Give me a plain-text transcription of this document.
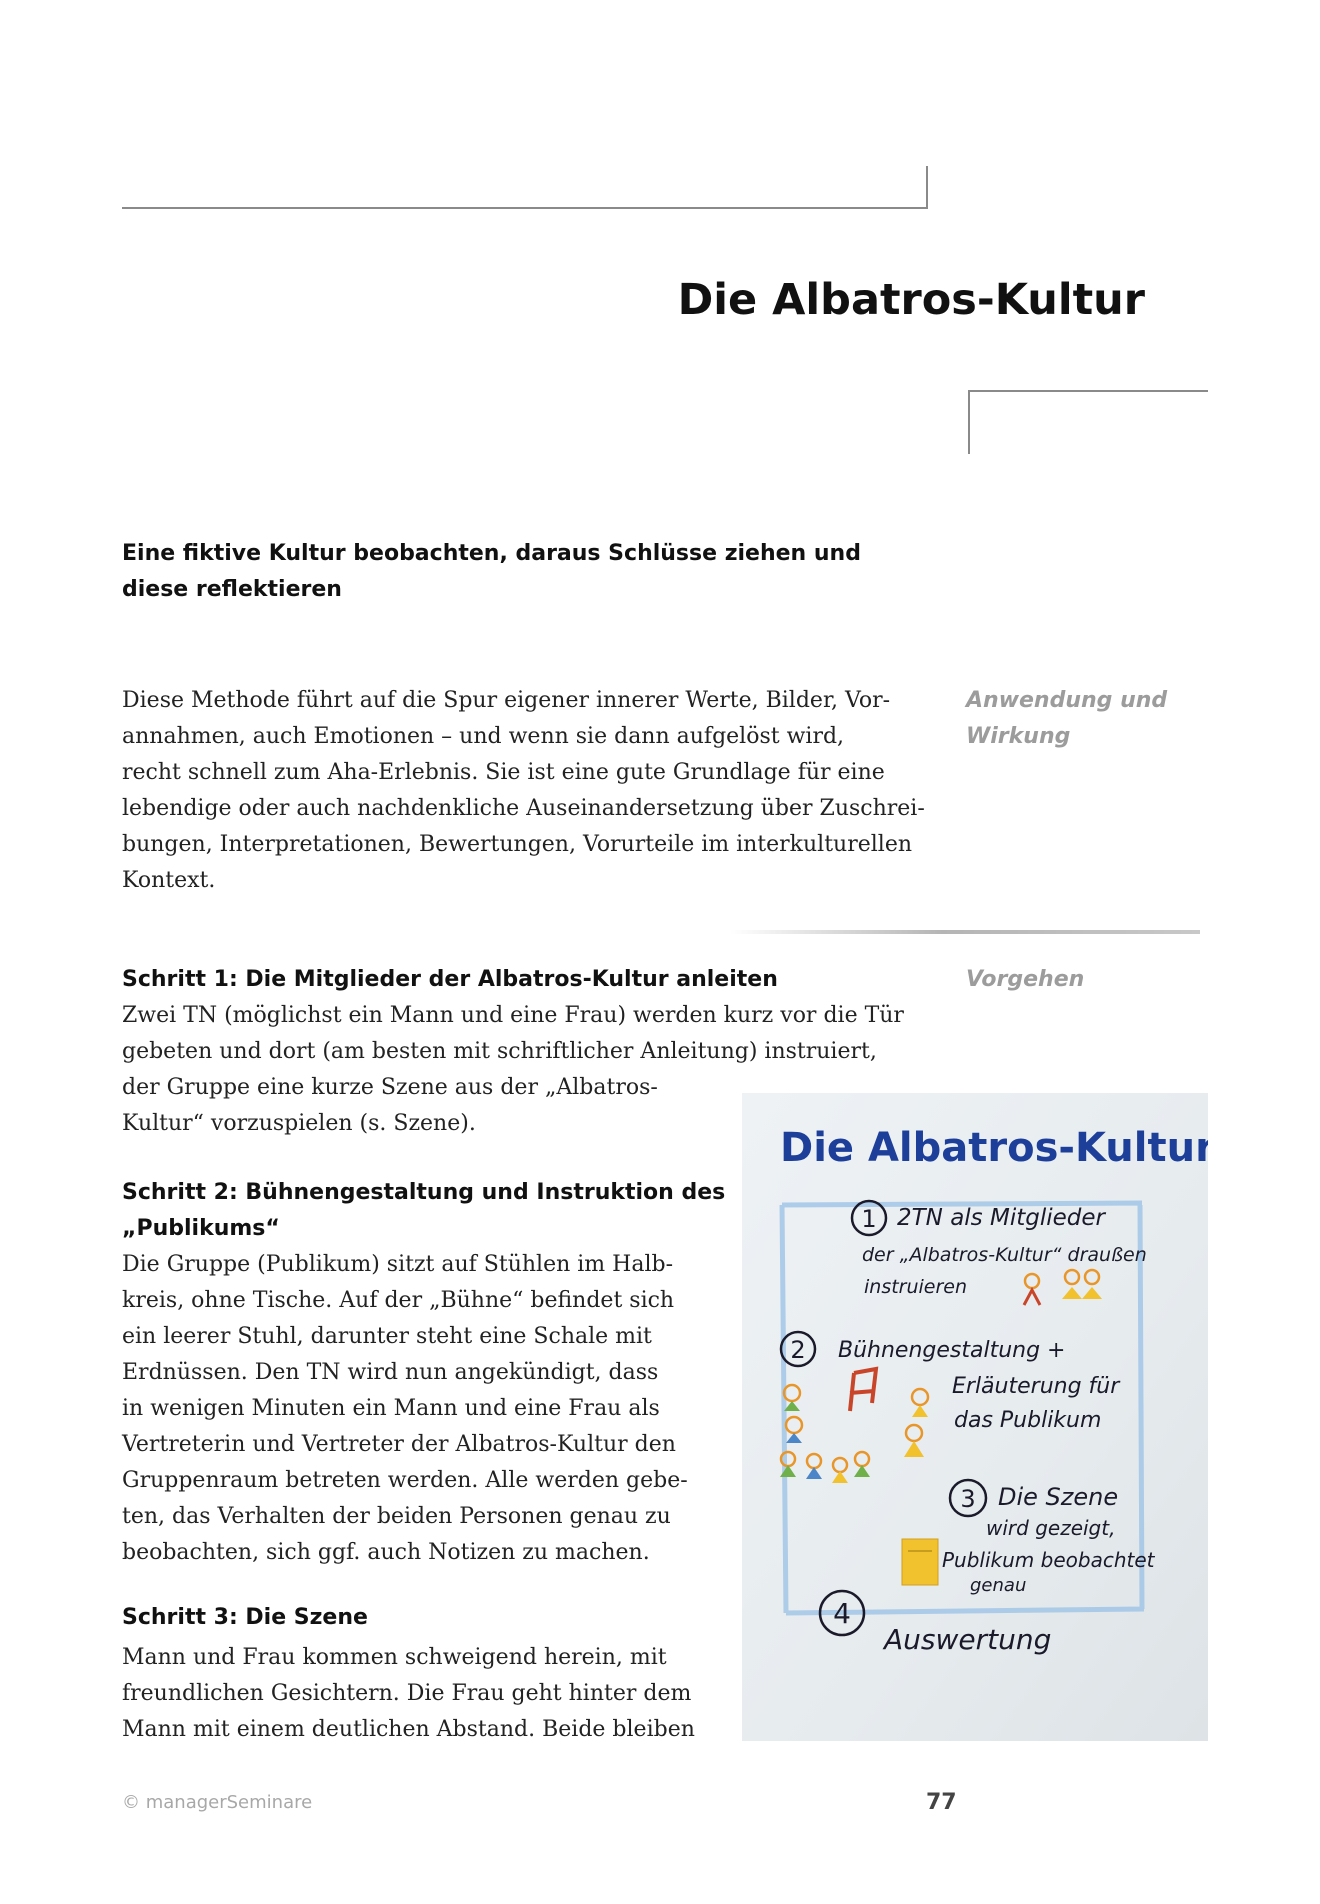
Die Albatros-Kultur
Eine fiktive Kultur beobachten, daraus Schlüsse ziehen und diese reflektieren
Anwendung und
Wirkung

Diese Methode führt auf die Spur eigener innerer Werte, Bilder, Vor-

annahmen, auch Emotionen – und wenn sie dann aufgelöst wird,

recht schnell zum Aha-Erlebnis. Sie ist eine gute Grundlage für eine

lebendige oder auch nachdenkliche Auseinandersetzung über Zuschrei-

bungen, Interpretationen, Bewertungen, Vorurteile im interkulturellen

Kontext.

Vorgehen
Schritt 1: Die Mitglieder der Albatros-Kultur anleiten

Zwei TN (möglichst ein Mann und eine Frau) werden kurz vor die Tür

gebeten und dort (am besten mit schriftlicher Anleitung) instruiert,

der Gruppe eine kurze Szene aus der „Albatros-

Kultur“ vorzuspielen (s. Szene).

Schritt 2: Bühnengestaltung und Instruktion des
„Publikums“

Die Gruppe (Publikum) sitzt auf Stühlen im Halb-

kreis, ohne Tische. Auf der „Bühne“ befindet sich

ein leerer Stuhl, darunter steht eine Schale mit

Erdnüssen. Den TN wird nun angekündigt, dass

in wenigen Minuten ein Mann und eine Frau als

Vertreterin und Vertreter der Albatros-Kultur den

Gruppenraum betreten werden. Alle werden gebe-

ten, das Verhalten der beiden Personen genau zu

beobachten, sich ggf. auch Notizen zu machen.

Schritt 3: Die Szene

Mann und Frau kommen schweigend herein, mit

freundlichen Gesichtern. Die Frau geht hinter dem

Mann mit einem deutlichen Abstand. Beide bleiben

Die Albatros-Kultur
1
2
3
4
2TN als Mitglieder
der „Albatros-Kultur“ draußen
instruieren
Bühnengestaltung +
Erläuterung für
das Publikum
Die Szene
wird gezeigt,
Publikum beobachtet
genau
Auswertung
© managerSeminare	77
